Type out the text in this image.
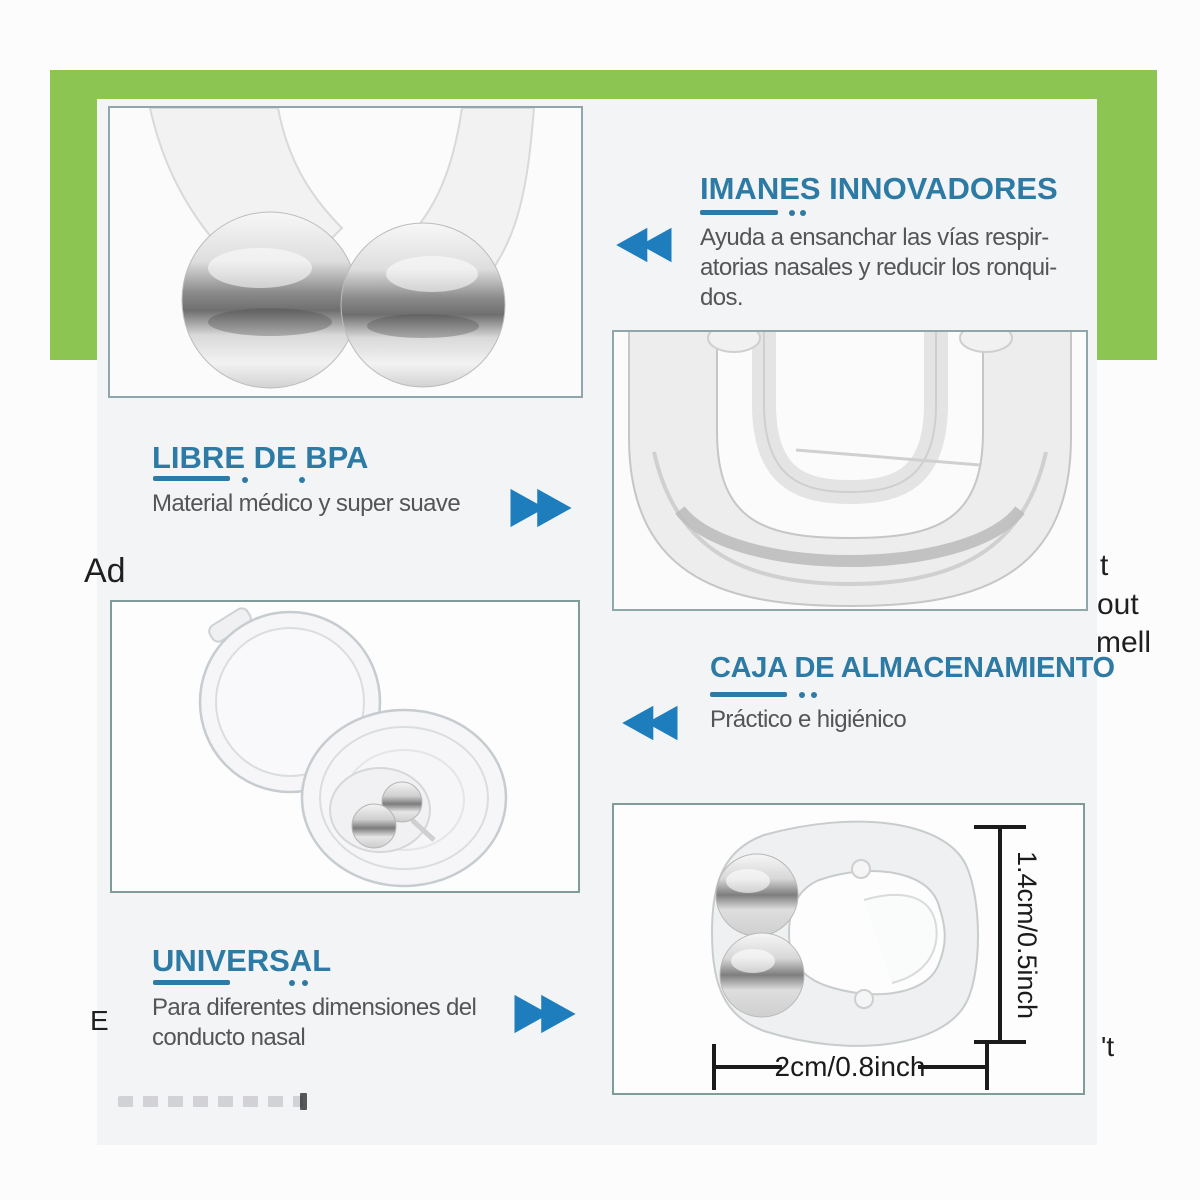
1.4cm/0.5inch
2cm/0.8inch
IMANES INNOVADORES
Ayuda a ensanchar las vías respir-
atorias nasales y reducir los ronqui-
dos.
LIBRE DE BPA
Material médico y super suave
CAJA DE ALMACENAMIENTO
Práctico e higiénico
UNIVERSAL
Para diferentes dimensiones del
conducto nasal
Ad	t
out
mell
E
't
